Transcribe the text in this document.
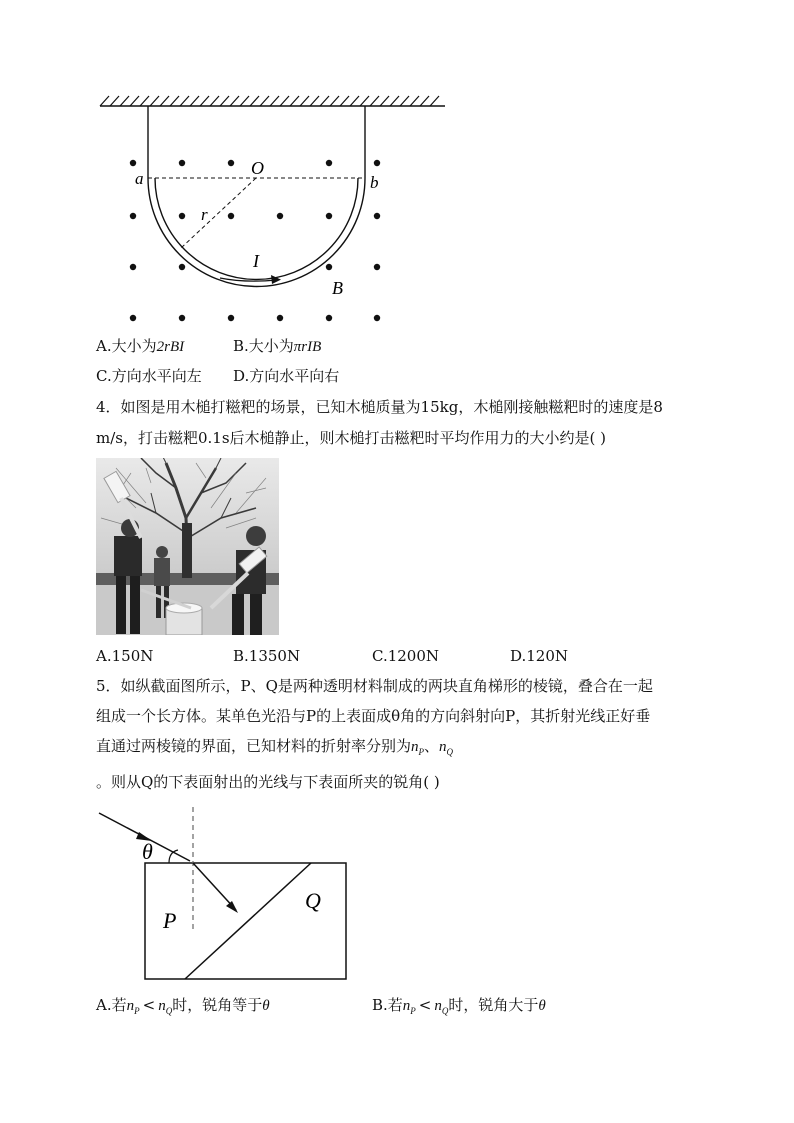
O
a	b
r
I
B
A.大小为2rBI	B.大小为πrIB
C.方向水平向左 D.方向水平向右
4．如图是用木槌打糍粑的场景，已知木槌质量为15kg，木槌刚接触糍粑时的速度是8
m/s，打击糍粑0.1s后木槌静止，则木槌打击糍粑时平均作用力的大小约是( )
A.150N	B.1350N	C.1200N	D.120N
5．如纵截面图所示，P、Q是两种透明材料制成的两块直角梯形的棱镜，叠合在一起
组成一个长方体。某单色光沿与P的上表面成θ角的方向斜射向P，其折射光线正好垂
直通过两棱镜的界面，已知材料的折射率分别为$n_P$、$n_Q$
。则从Q的下表面射出的光线与下表面所夹的锐角( )
θ
P
Q
A.若$n_P < n_Q$时，锐角等于θ	B.若$n_P < n_Q$时，锐角大于θ
